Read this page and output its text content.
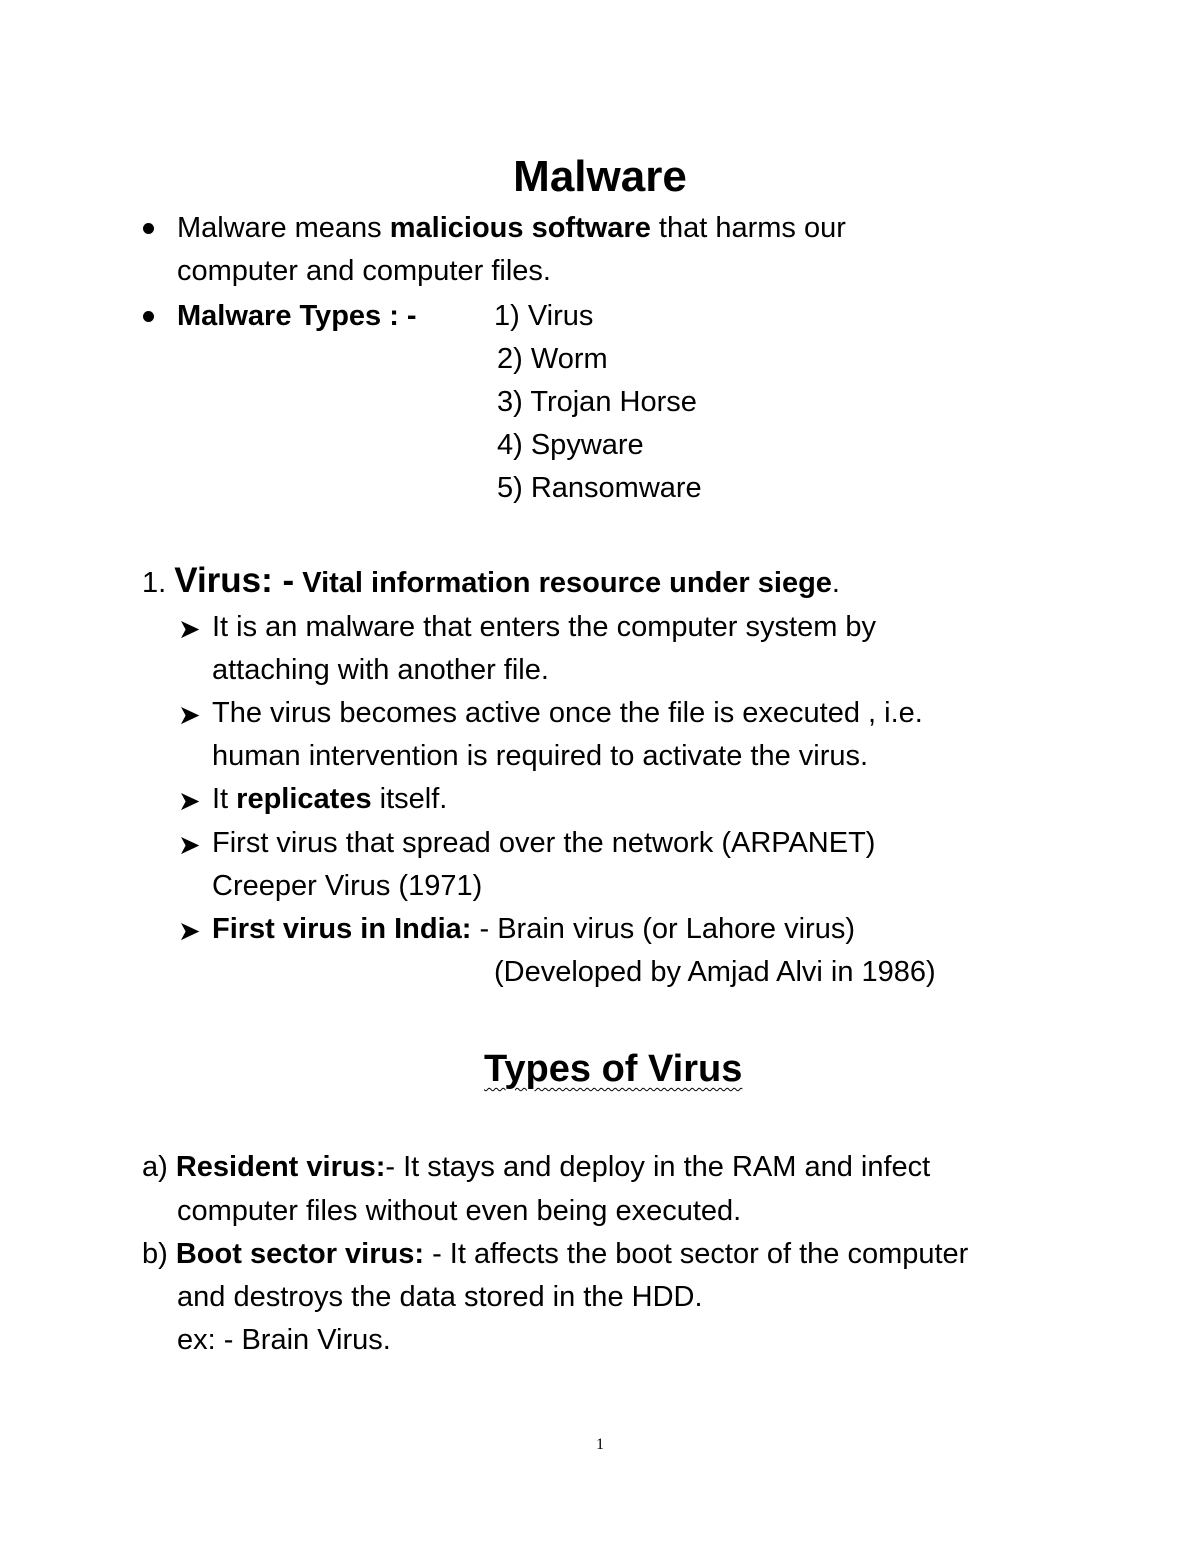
Malware
Malware means malicious software that harms our
computer and computer files.
Malware Types : -	1) Virus
2) Worm
3) Trojan Horse
4) Spyware
5) Ransomware
1. Virus: - Vital information resource under siege.
➤ It is an malware that enters the computer system by
attaching with another file.
➤ The virus becomes active once the file is executed , i.e.
human intervention is required to activate the virus.
➤ It replicates itself.
➤ First virus that spread over the network (ARPANET)
Creeper Virus (1971)
➤ First virus in India: - Brain virus (or Lahore virus)
(Developed by Amjad Alvi in 1986)
Types of Virus
a) Resident virus:- It stays and deploy in the RAM and infect
computer files without even being executed.
b) Boot sector virus: - It affects the boot sector of the computer
and destroys the data stored in the HDD.
ex: - Brain Virus.
1
